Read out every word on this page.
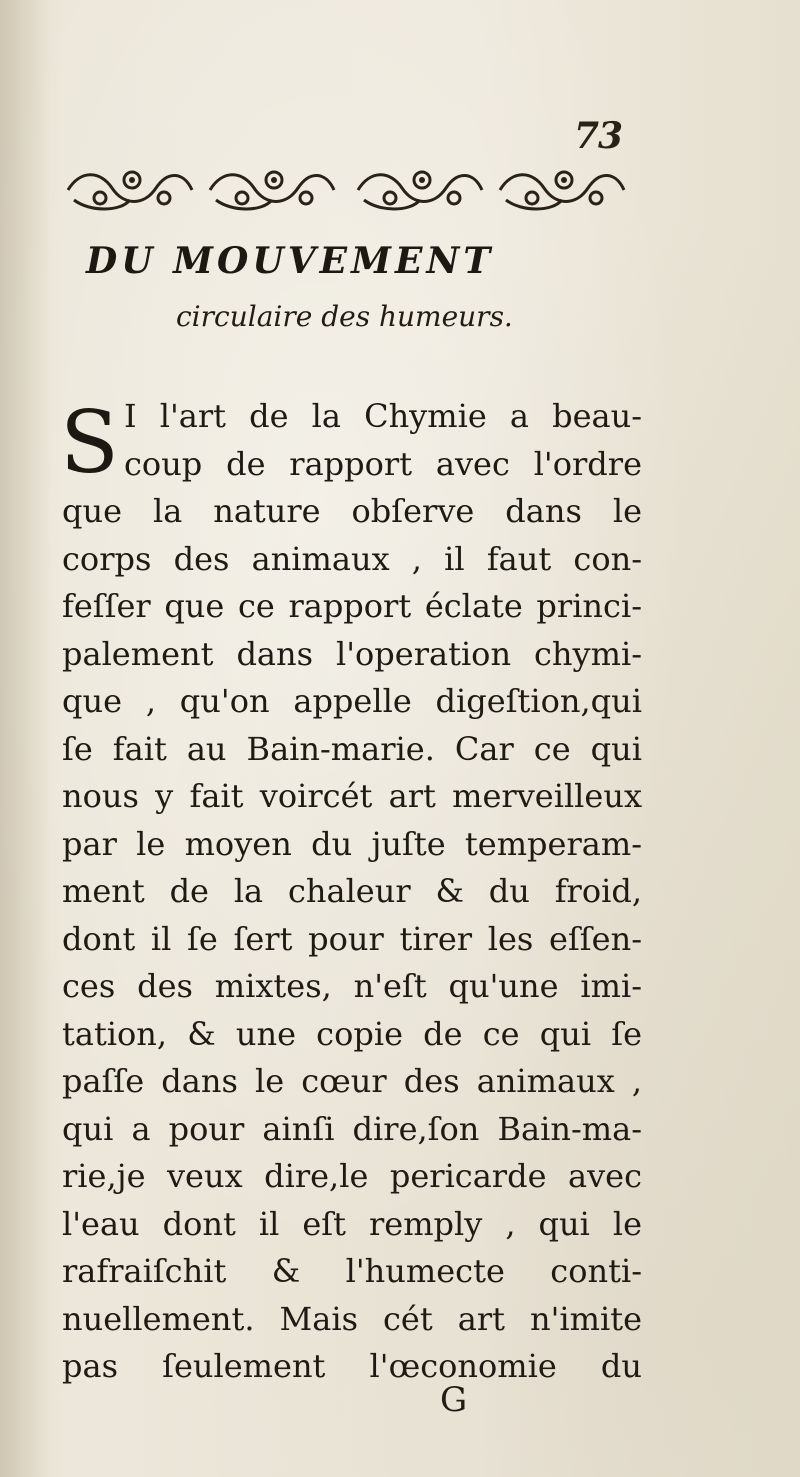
73
DU MOUVEMENT
circulaire des humeurs.
S I l'art de la Chymie a beau-
coup de rapport avec l'ordre
que la nature obſerve dans le
corps des animaux , il faut con-
feſſer que ce rapport éclate princi-
palement dans l'operation chymi-
que , qu'on appelle digeſtion,qui
ſe fait au Bain-marie. Car ce qui
nous y fait voircét art merveilleux
par le moyen du juſte temperam-
ment de la chaleur & du froid,
dont il ſe ſert pour tirer les eſſen-
ces des mixtes, n'eſt qu'une imi-
tation, & une copie de ce qui ſe
paſſe dans le cœur des animaux ,
qui a pour ainſi dire,ſon Bain-ma-
rie,je veux dire,le pericarde avec
l'eau dont il eſt remply , qui le
rafraiſchit & l'humecte conti-
nuellement. Mais cét art n'imite
pas ſeulement l'œconomie du
G
